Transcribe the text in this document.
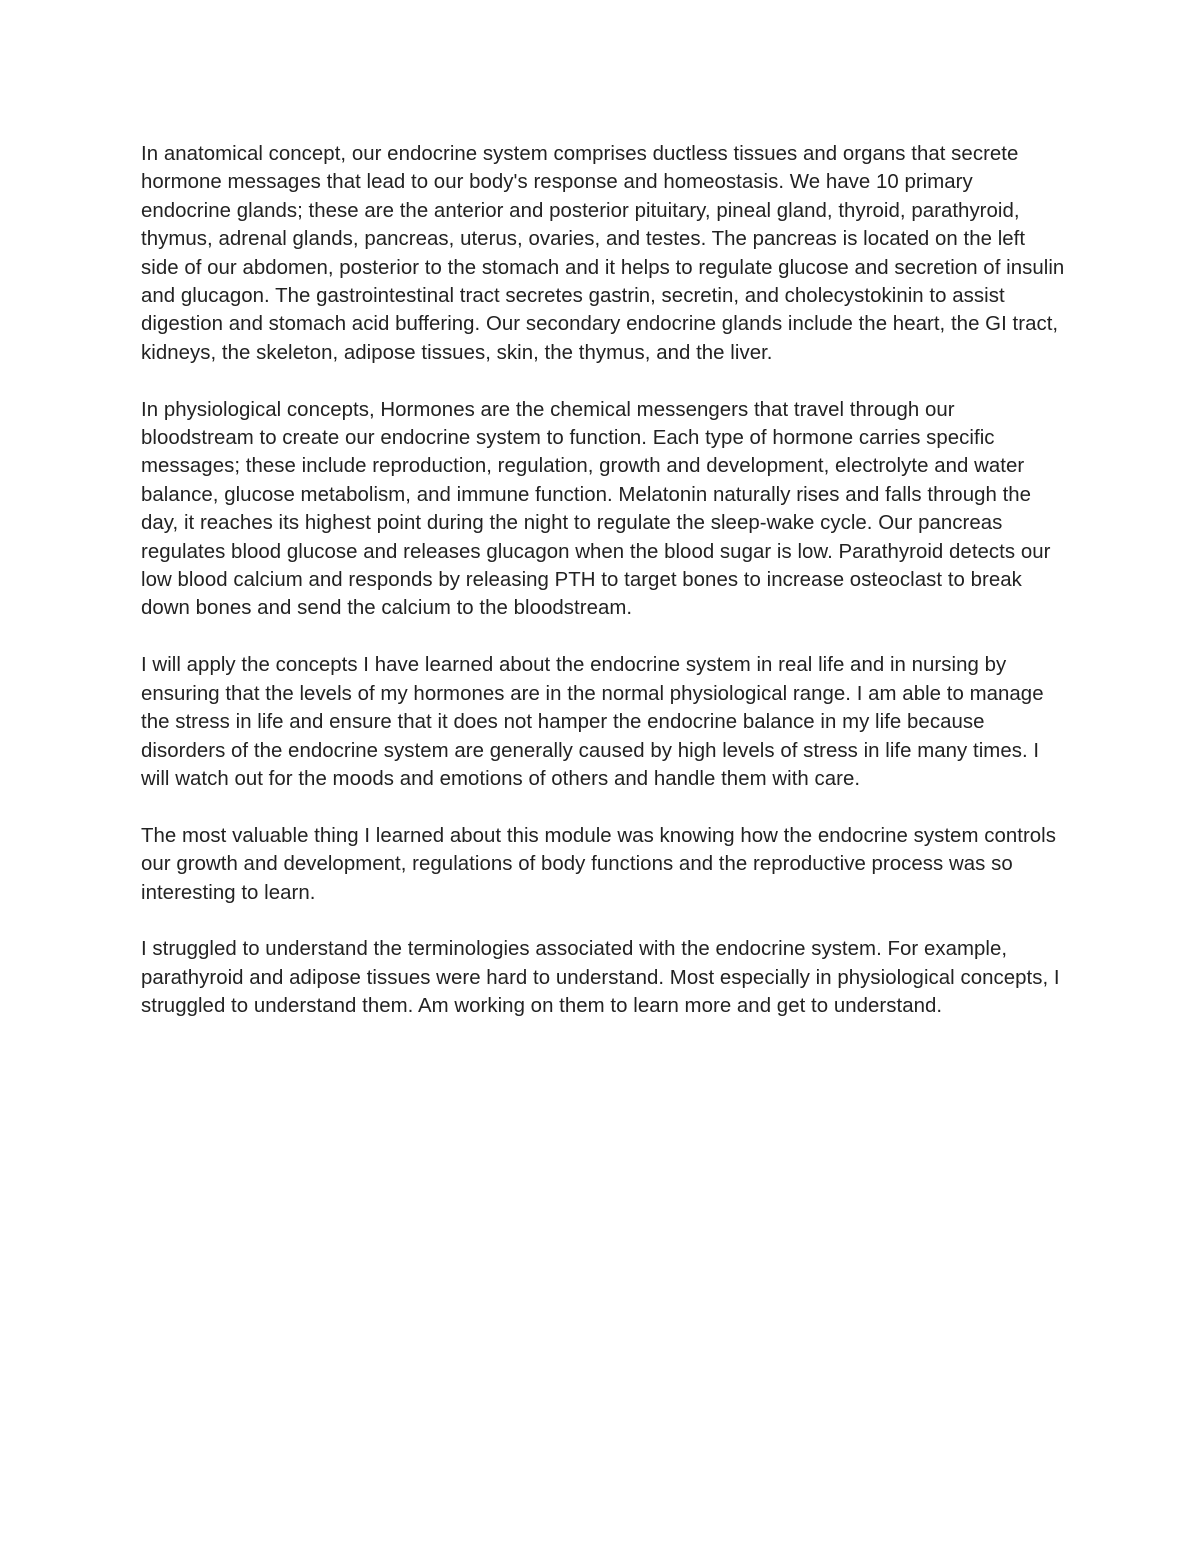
In anatomical concept, our endocrine system comprises ductless tissues and organs that secrete hormone messages that lead to our body's response and homeostasis. We have 10 primary endocrine glands; these are the anterior and posterior pituitary, pineal gland, thyroid, parathyroid, thymus, adrenal glands, pancreas, uterus, ovaries, and testes. The pancreas is located on the left side of our abdomen, posterior to the stomach and it helps to regulate glucose and secretion of insulin and glucagon. The gastrointestinal tract secretes gastrin, secretin, and cholecystokinin to assist digestion and stomach acid buffering. Our secondary endocrine glands include the heart, the GI tract, kidneys, the skeleton, adipose tissues, skin, the thymus, and the liver.

In physiological concepts, Hormones are the chemical messengers that travel through our bloodstream to create our endocrine system to function. Each type of hormone carries specific messages; these include reproduction, regulation, growth and development, electrolyte and water balance, glucose metabolism, and immune function. Melatonin naturally rises and falls through the day, it reaches its highest point during the night to regulate the sleep-wake cycle. Our pancreas regulates blood glucose and releases glucagon when the blood sugar is low. Parathyroid detects our low blood calcium and responds by releasing PTH to target bones to increase osteoclast to break down bones and send the calcium to the bloodstream.

I will apply the concepts I have learned about the endocrine system in real life and in nursing by ensuring that the levels of my hormones are in the normal physiological range. I am able to manage the stress in life and ensure that it does not hamper the endocrine balance in my life because disorders of the endocrine system are generally caused by high levels of stress in life many times. I will watch out for the moods and emotions of others and handle them with care.

The most valuable thing I learned about this module was knowing how the endocrine system controls our growth and development, regulations of body functions and the reproductive process was so interesting to learn.

I struggled to understand the terminologies associated with the endocrine system. For example, parathyroid and adipose tissues were hard to understand. Most especially in physiological concepts, I struggled to understand them. Am working on them to learn more and get to understand.
